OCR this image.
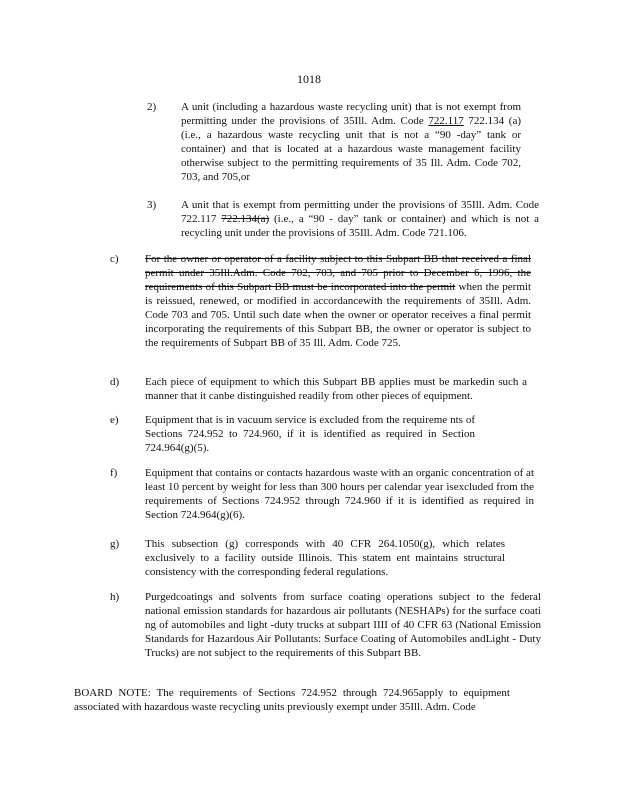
1018
2) A unit (including a hazardous waste recycling unit) that is not exempt from permitting under the provisions of 35Ill. Adm. Code 722.117 722.134 (a) (i.e., a hazardous waste recycling unit that is not a “90 -day” tank or container) and that is located at a hazardous waste management facility otherwise subject to the permitting requirements of 35 Ill. Adm. Code 702, 703, and 705,or
3) A unit that is exempt from permitting under the provisions of 35Ill. Adm. Code 722.117 722.134(a) (i.e., a “90 - day” tank or container) and which is not a recycling unit under the provisions of 35Ill. Adm. Code 721.106.
c) For the owner or operator of a facility subject to this Subpart BB that received a final permit under 35Ill.Adm. Code 702, 703, and 705 prior to December 6, 1996, the requirements of this Subpart BB must be incorporated into the permit when the permit is reissued, renewed, or modified in accordancewith the requirements of 35Ill. Adm. Code 703 and 705. Until such date when the owner or operator receives a final permit incorporating the requirements of this Subpart BB, the owner or operator is subject to the requirements of Subpart BB of 35 Ill. Adm. Code 725.
d) Each piece of equipment to which this Subpart BB applies must be markedin such a manner that it canbe distinguished readily from other pieces of equipment.
e) Equipment that is in vacuum service is excluded from the requireme nts of Sections 724.952 to 724.960, if it is identified as required in Section 724.964(g)(5).
f)	Equipment that contains or contacts hazardous waste with an organic concentration of at least 10 percent by weight for less than 300 hours per calendar year isexcluded from the requirements of Sections 724.952 through 724.960 if it is identified as required in Section 724.964(g)(6).
g) This subsection (g) corresponds with 40 CFR 264.1050(g), which relates exclusively to a facility outside Illinois. This statem ent maintains structural consistency with the corresponding federal regulations.
h) Purgedcoatings and solvents from surface coating operations subject to the federal national emission standards for hazardous air pollutants (NESHAPs) for the surface coati ng of automobiles and light -duty trucks at subpart IIII of 40 CFR 63 (National Emission Standards for Hazardous Air Pollutants: Surface Coating of Automobiles andLight - Duty Trucks) are not subject to the requirements of this Subpart BB.
BOARD NOTE: The requirements of Sections 724.952 through 724.965apply to equipment associated with hazardous waste recycling units previously exempt under 35Ill. Adm. Code
